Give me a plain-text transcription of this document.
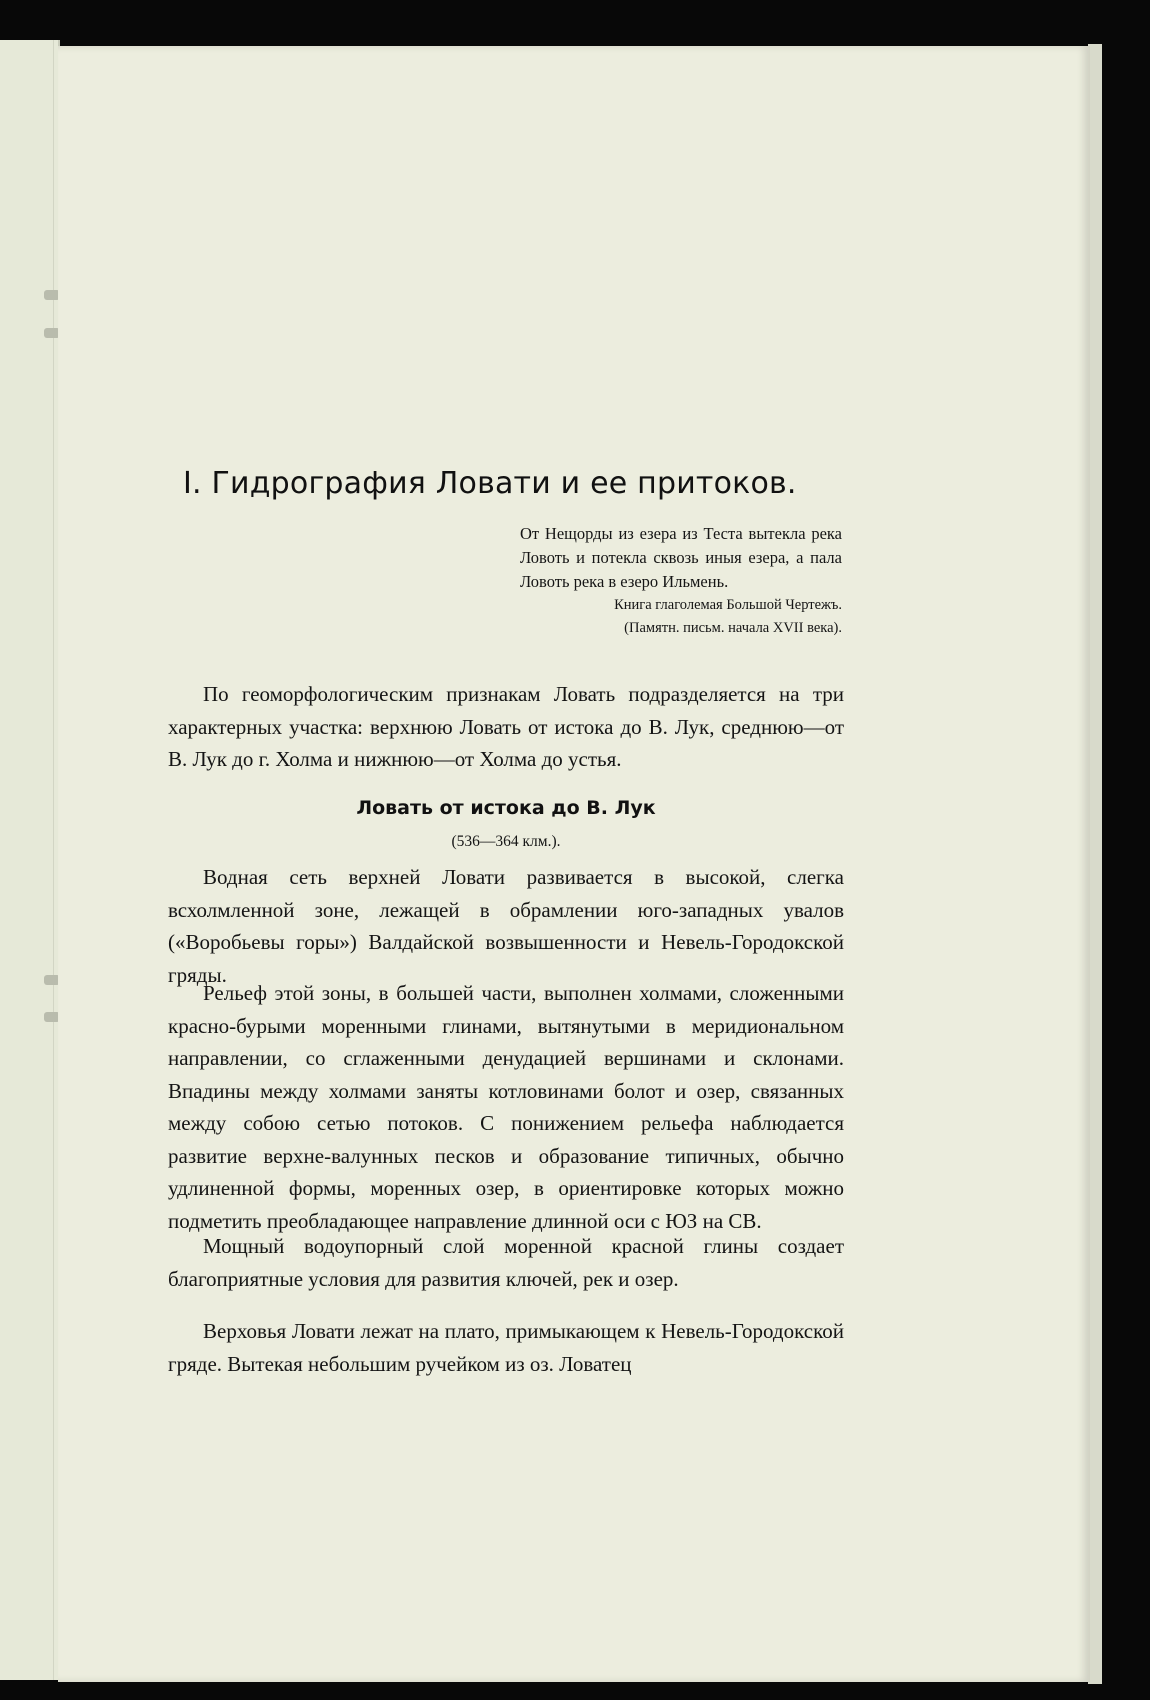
I. Гидрография Ловати и ее притоков.
От Нещорды из езера из Теста вытекла река Ловоть и потекла сквозь иныя езера, а пала Ловоть река в езеро Ильмень.
Книга глаголемая Большой Чертежъ.
(Памятн. письм. начала XVII века).

По геоморфологическим признакам Ловать подразделяется на три характерных участка: верхнюю Ловать от истока до В. Лук, среднюю—от В. Лук до г. Холма и нижнюю—от Холма до устья.

Ловать от истока до В. Лук
(536—364 клм.).

Водная сеть верхней Ловати развивается в высокой, слегка всхолмленной зоне, лежащей в обрамлении юго-западных увалов («Воробьевы горы») Валдайской возвышенности и Невель-Городокской гряды.

Рельеф этой зоны, в большей части, выполнен холмами, сложенными красно-бурыми моренными глинами, вытянутыми в меридиональном направлении, со сглаженными денудацией вершинами и склонами. Впадины между холмами заняты котловинами болот и озер, связанных между собою сетью потоков. С понижением рельефа наблюдается развитие верхне-валунных песков и образование типичных, обычно удлиненной формы, моренных озер, в ориентировке которых можно подметить преобладающее направление длинной оси с ЮЗ на СВ.

Мощный водоупорный слой моренной красной глины создает благоприятные условия для развития ключей, рек и озер.

Верховья Ловати лежат на плато, примыкающем к Невель-Городокской гряде. Вытекая небольшим ручейком из оз. Ловатец
